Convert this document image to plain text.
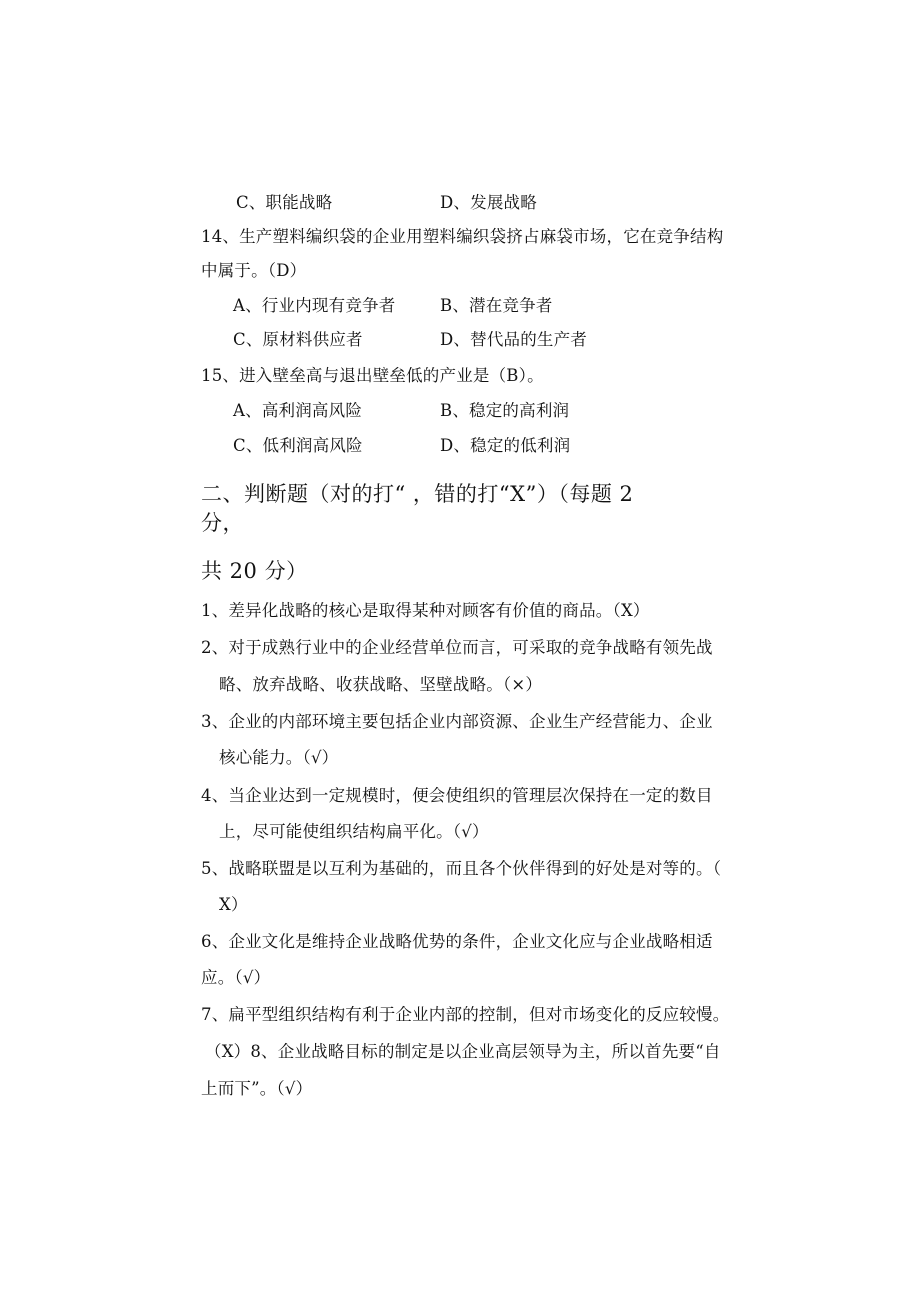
C、职能战略	D、发展战略
14、生产塑料编织袋的企业用塑料编织袋挤占麻袋市场，它在竞争结构
中属于。（D）
A、行业内现有竞争者	B、潜在竞争者
C、原材料供应者	D、替代品的生产者
15、进入壁垒高与退出壁垒低的产业是（B）。
A、高利润高风险	B、稳定的高利润
C、低利润高风险	D、稳定的低利润
二、判断题（对的打“ ，错的打“X”）（每题 2
分，
共 20 分）
1、差异化战略的核心是取得某种对顾客有价值的商品。（X）
2、对于成熟行业中的企业经营单位而言，可采取的竞争战略有领先战
略、放弃战略、收获战略、坚壁战略。（×）
3、企业的内部环境主要包括企业内部资源、企业生产经营能力、企业
核心能力。（√）
4、当企业达到一定规模时，便会使组织的管理层次保持在一定的数目
上，尽可能使组织结构扁平化。（√）
5、战略联盟是以互利为基础的，而且各个伙伴得到的好处是对等的。（
X）
6、企业文化是维持企业战略优势的条件，企业文化应与企业战略相适
应。（√）
7、扁平型组织结构有利于企业内部的控制，但对市场变化的反应较慢。
（X）8、企业战略目标的制定是以企业高层领导为主，所以首先要“自
上而下”。（√）
